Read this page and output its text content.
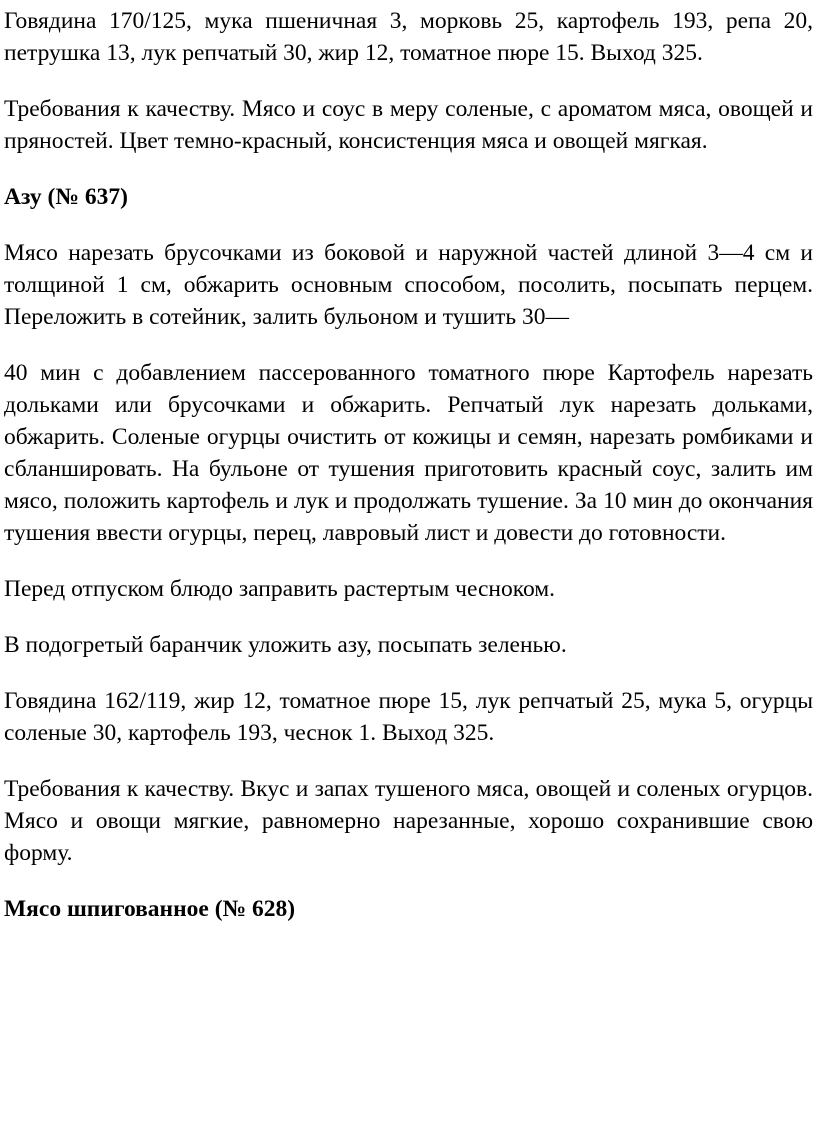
Говядина 170/125, мука пшеничная 3, морковь 25, картофель 193, репа 20, петрушка 13, лук репчатый 30, жир 12, томатное пюре 15. Выход 325.

Требования к качеству. Мясо и соус в меру соленые, с ароматом мяса, овощей и пряностей. Цвет темно-красный, консистенция мяса и овощей мягкая.

Азу (№ 637)

Мясо нарезать брусочками из боковой и наружной частей длиной 3—4 см и толщиной 1 см, обжарить основным способом, посолить, посыпать перцем. Переложить в сотейник, залить бульоном и тушить 30—

40 мин с добавлением пассерованного томатного пюре Картофель нарезать дольками или брусочками и обжарить. Репчатый лук нарезать дольками, обжарить. Соленые огурцы очистить от кожицы и семян, нарезать ромбиками и сбланшировать. На бульоне от тушения приготовить красный соус, залить им мясо, положить картофель и лук и продолжать тушение. За 10 мин до окончания тушения ввести огурцы, перец, лавровый лист и довести до готовности.

Перед отпуском блюдо заправить растертым чесноком.

В подогретый баранчик уложить азу, посыпать зеленью.

Говядина 162/119, жир 12, томатное пюре 15, лук репчатый 25, мука 5, огурцы соленые 30, картофель 193, чеснок 1. Выход 325.

Требования к качеству. Вкус и запах тушеного мяса, овощей и соленых огурцов. Мясо и овощи мягкие, равномерно нарезанные, хорошо сохранившие свою форму.

Мясо шпигованное (№ 628)
